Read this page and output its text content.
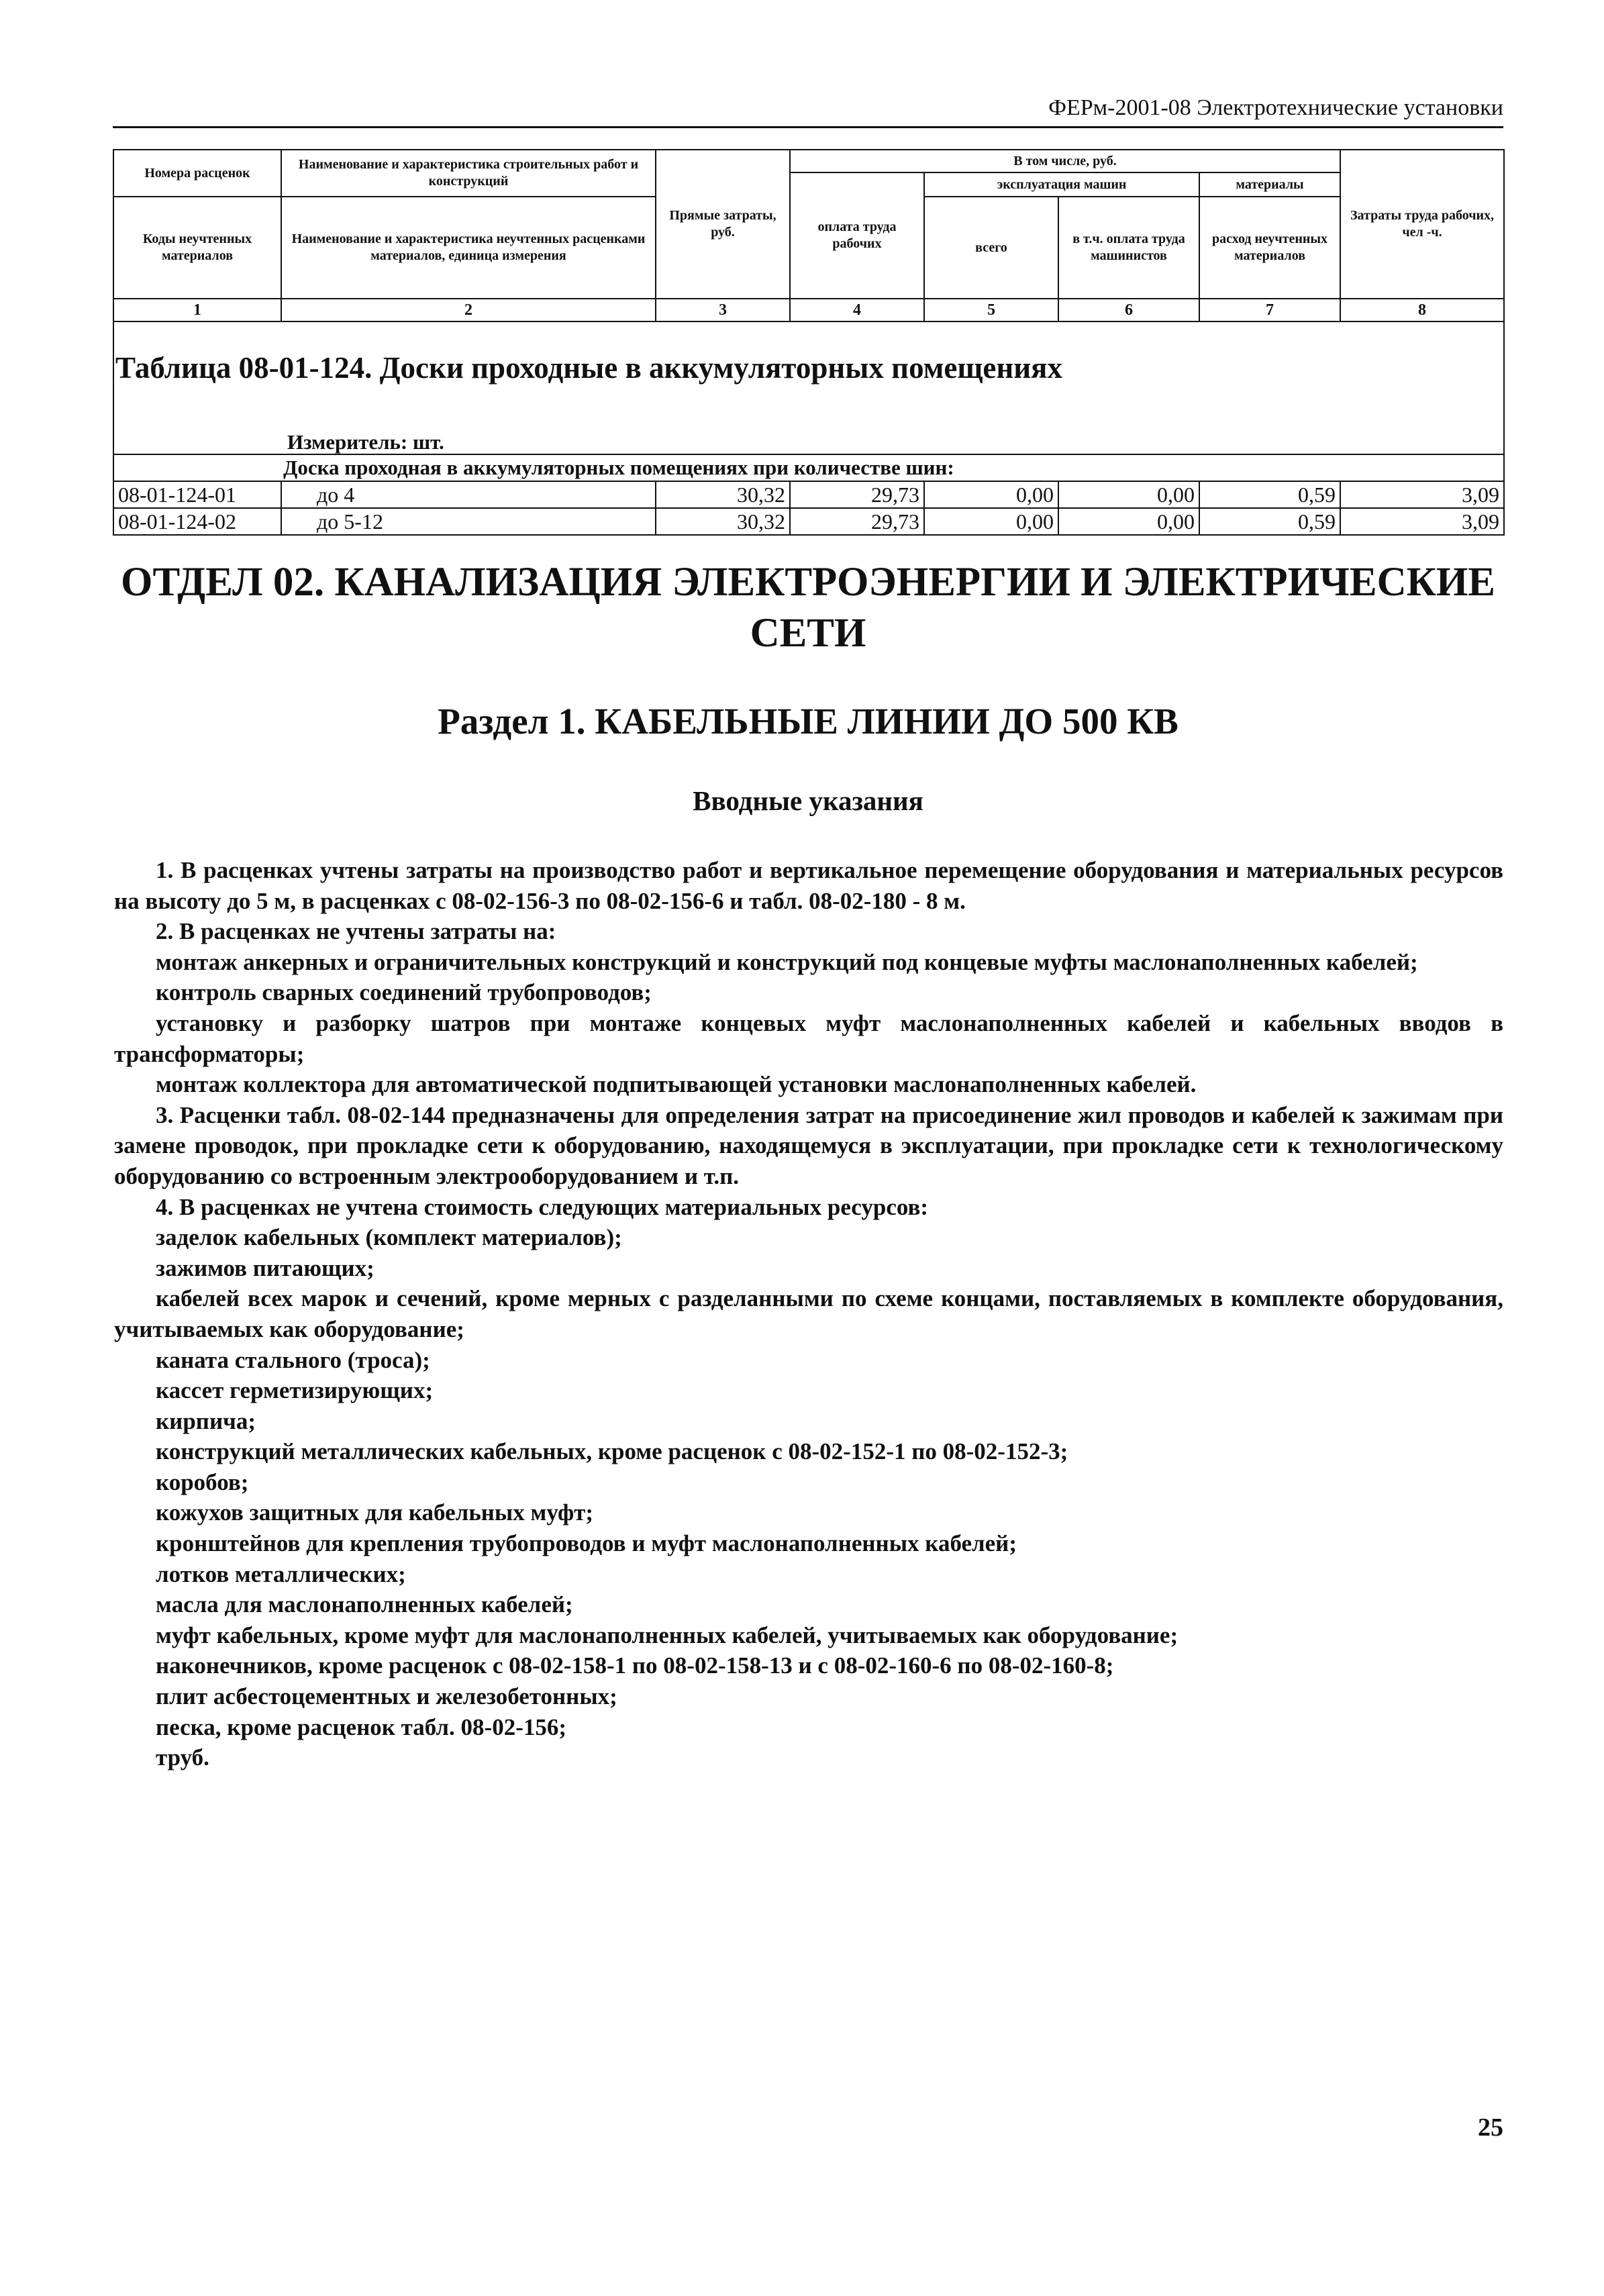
ФЕРм-2001-08 Электротехнические установки
Номера расценок	Наименование и характеристика строительных работ и конструкций	Прямые затраты, руб.	В том числе, руб.				Затраты труда рабочих, чел -ч.
			оплата труда рабочих	эксплуатация машин		материалы	
Коды неучтенных материалов	Наименование и характеристика неучтенных расценками материалов, единица измерения			всего	в т.ч. оплата труда машинистов	расход неучтенных материалов	

1	2	3	4	5	6	7	8

Таблица 08-01-124. Доски проходные в аккумуляторных помещениях							

Измеритель: шт.							

Доска проходная в аккумуляторных помещениях при количестве шин:							
08-01-124-01	до 4	30,32	29,73	0,00	0,00	0,59	3,09
08-01-124-02	до 5-12	30,32	29,73	0,00	0,00	0,59	3,09
ОТДЕЛ 02. КАНАЛИЗАЦИЯ ЭЛЕКТРОЭНЕРГИИ И ЭЛЕКТРИЧЕСКИЕ СЕТИ
Раздел 1. КАБЕЛЬНЫЕ ЛИНИИ ДО 500 КВ
Вводные указания

1. В расценках учтены затраты на производство работ и вертикальное перемещение оборудования и материальных ресурсов на высоту до 5 м, в расценках с 08-02-156-3 по 08-02-156-6 и табл. 08-02-180 - 8 м.

2. В расценках не учтены затраты на:

монтаж анкерных и ограничительных конструкций и конструкций под концевые муфты маслонаполненных кабелей;

контроль сварных соединений трубопроводов;

установку и разборку шатров при монтаже концевых муфт маслонаполненных кабелей и кабельных вводов в трансформаторы;

монтаж коллектора для автоматической подпитывающей установки маслонаполненных кабелей.

3. Расценки табл. 08-02-144 предназначены для определения затрат на присоединение жил проводов и кабелей к зажимам при замене проводок, при прокладке сети к оборудованию, находящемуся в эксплуатации, при прокладке сети к технологическому оборудованию со встроенным электрооборудованием и т.п.

4. В расценках не учтена стоимость следующих материальных ресурсов:

заделок кабельных (комплект материалов);

зажимов питающих;

кабелей всех марок и сечений, кроме мерных с разделанными по схеме концами, поставляемых в комплекте оборудования, учитываемых как оборудование;

каната стального (троса);

кассет герметизирующих;

кирпича;

конструкций металлических кабельных, кроме расценок с 08-02-152-1 по 08-02-152-3;

коробов;

кожухов защитных для кабельных муфт;

кронштейнов для крепления трубопроводов и муфт маслонаполненных кабелей;

лотков металлических;

масла для маслонаполненных кабелей;

муфт кабельных, кроме муфт для маслонаполненных кабелей, учитываемых как оборудование;

наконечников, кроме расценок с 08-02-158-1 по 08-02-158-13 и с 08-02-160-6 по 08-02-160-8;

плит асбестоцементных и железобетонных;

песка, кроме расценок табл. 08-02-156;

труб.

25
